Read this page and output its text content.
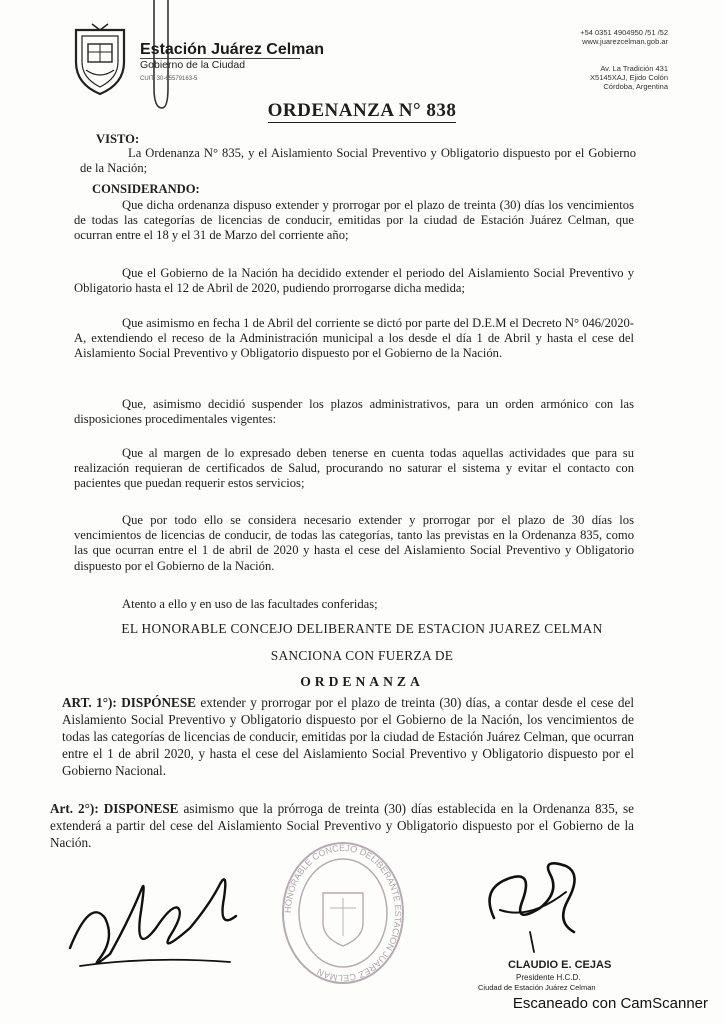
Estación Juárez Celman
Gobierno de la Ciudad
CUIT: 30-65579163-5
+54 0351 4904950 /51 /52
www.juarezcelman.gob.ar
Av. La Tradición 431
X5145XAJ, Ejido Colón
Córdoba, Argentina
ORDENANZA N° 838
VISTO:

La Ordenanza N° 835, y el Aislamiento Social Preventivo y Obligatorio dispuesto por el Gobierno de la Nación;

CONSIDERANDO:

Que dicha ordenanza dispuso extender y prorrogar por el plazo de treinta (30) días los vencimientos de todas las categorías de licencias de conducir, emitidas por la ciudad de Estación Juárez Celman, que ocurran entre el 18 y el 31 de Marzo del corriente año;

Que el Gobierno de la Nación ha decidido extender el periodo del Aislamiento Social Preventivo y Obligatorio hasta el 12 de Abril de 2020, pudiendo prorrogarse dicha medida;

Que asimismo en fecha 1 de Abril del corriente se dictó por parte del D.E.M el Decreto N° 046/2020-A, extendiendo el receso de la Administración municipal a los desde el día 1 de Abril y hasta el cese del Aislamiento Social Preventivo y Obligatorio dispuesto por el Gobierno de la Nación.

Que, asimismo decidió suspender los plazos administrativos, para un orden armónico con las disposiciones procedimentales vigentes:

Que al margen de lo expresado deben tenerse en cuenta todas aquellas actividades que para su realización requieran de certificados de Salud, procurando no saturar el sistema y evitar el contacto con pacientes que puedan requerir estos servicios;

Que por todo ello se considera necesario extender y prorrogar por el plazo de 30 días los vencimientos de licencias de conducir, de todas las categorías, tanto las previstas en la Ordenanza 835, como las que ocurran entre el 1 de abril de 2020 y hasta el cese del Aislamiento Social Preventivo y Obligatorio dispuesto por el Gobierno de la Nación.

Atento a ello y en uso de las facultades conferidas;

EL HONORABLE CONCEJO DELIBERANTE DE ESTACION JUAREZ CELMAN
SANCIONA CON FUERZA DE
ORDENANZA

ART. 1°): DISPÓNESE extender y prorrogar por el plazo de treinta (30) días, a contar desde el cese del Aislamiento Social Preventivo y Obligatorio dispuesto por el Gobierno de la Nación, los vencimientos de todas las categorías de licencias de conducir, emitidas por la ciudad de Estación Juárez Celman, que ocurran entre el 1 de abril 2020, y hasta el cese del Aislamiento Social Preventivo y Obligatorio dispuesto por el Gobierno Nacional.

Art. 2°): DISPONESE asimismo que la prórroga de treinta (30) días establecida en la Ordenanza 835, se extenderá a partir del cese del Aislamiento Social Preventivo y Obligatorio dispuesto por el Gobierno de la Nación.

HONORABLE CONCEJO DELIBERANTE ESTACION JUAREZ CELMAN
CLAUDIO E. CEJAS
Presidente H.C.D.
Ciudad de Estación Juárez Celman
Escaneado con CamScanner
